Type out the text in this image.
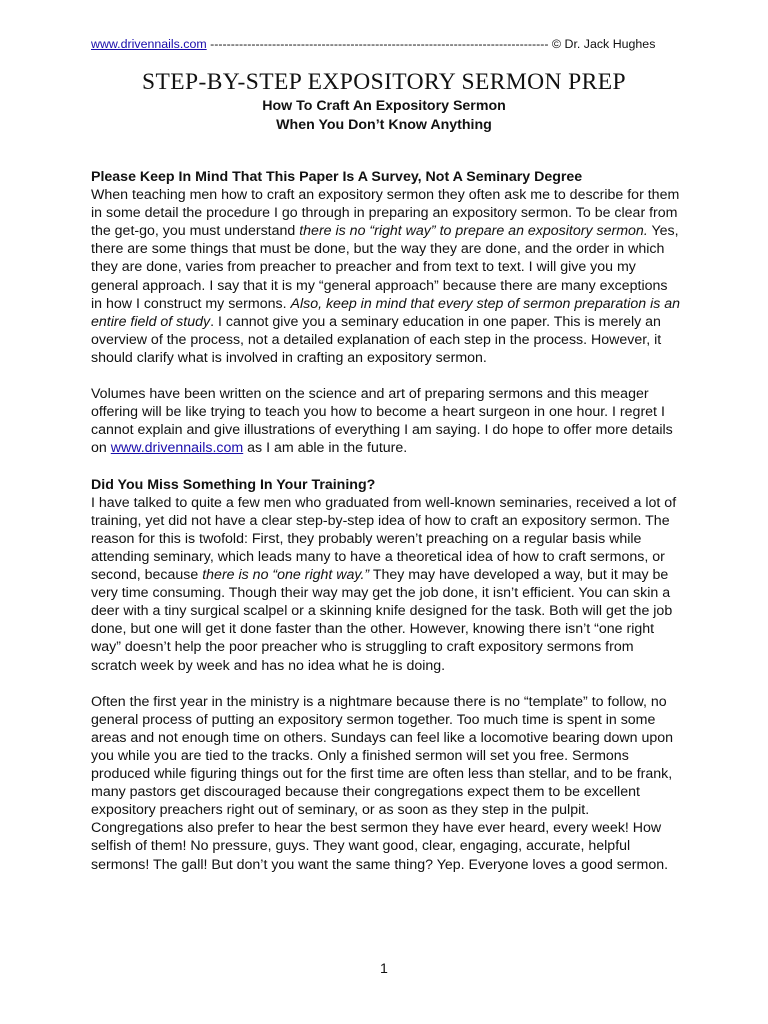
www.drivennails.com ---------------------------------------------------------------------------------- © Dr. Jack Hughes
STEP-BY-STEP EXPOSITORY SERMON PREP
How To Craft An Expository Sermon
When You Don’t Know Anything
Please Keep In Mind That This Paper Is A Survey, Not A Seminary Degree

When teaching men how to craft an expository sermon they often ask me to describe for them in some detail the procedure I go through in preparing an expository sermon. To be clear from the get-go, you must understand there is no “right way” to prepare an expository sermon. Yes, there are some things that must be done, but the way they are done, and the order in which they are done, varies from preacher to preacher and from text to text. I will give you my general approach. I say that it is my “general approach” because there are many exceptions in how I construct my sermons. Also, keep in mind that every step of sermon preparation is an entire field of study. I cannot give you a seminary education in one paper. This is merely an overview of the process, not a detailed explanation of each step in the process. However, it should clarify what is involved in crafting an expository sermon.

Volumes have been written on the science and art of preparing sermons and this meager offering will be like trying to teach you how to become a heart surgeon in one hour. I regret I cannot explain and give illustrations of everything I am saying. I do hope to offer more details on www.drivennails.com as I am able in the future.

Did You Miss Something In Your Training?

I have talked to quite a few men who graduated from well-known seminaries, received a lot of training, yet did not have a clear step-by-step idea of how to craft an expository sermon. The reason for this is twofold: First, they probably weren’t preaching on a regular basis while attending seminary, which leads many to have a theoretical idea of how to craft sermons, or second, because there is no “one right way.” They may have developed a way, but it may be very time consuming. Though their way may get the job done, it isn’t efficient. You can skin a deer with a tiny surgical scalpel or a skinning knife designed for the task. Both will get the job done, but one will get it done faster than the other. However, knowing there isn’t “one right way” doesn’t help the poor preacher who is struggling to craft expository sermons from scratch week by week and has no idea what he is doing.

Often the first year in the ministry is a nightmare because there is no “template” to follow, no general process of putting an expository sermon together. Too much time is spent in some areas and not enough time on others. Sundays can feel like a locomotive bearing down upon you while you are tied to the tracks. Only a finished sermon will set you free. Sermons produced while figuring things out for the first time are often less than stellar, and to be frank, many pastors get discouraged because their congregations expect them to be excellent expository preachers right out of seminary, or as soon as they step in the pulpit. Congregations also prefer to hear the best sermon they have ever heard, every week! How selfish of them! No pressure, guys. They want good, clear, engaging, accurate, helpful sermons! The gall! But don’t you want the same thing? Yep. Everyone loves a good sermon.

1
